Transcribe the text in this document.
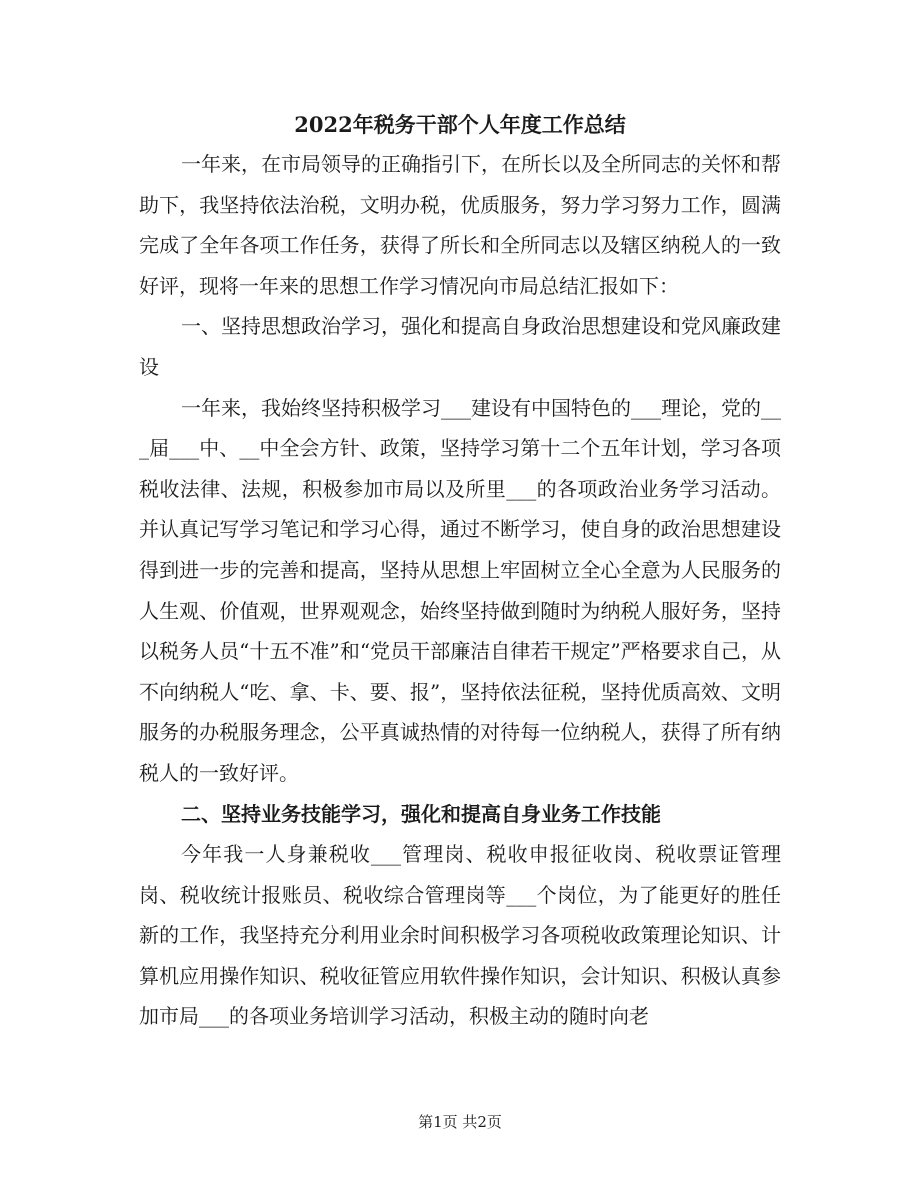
2022年税务干部个人年度工作总结

一年来，在市局领导的正确指引下，在所长以及全所同志的关怀和帮助下，我坚持依法治税，文明办税，优质服务，努力学习努力工作，圆满完成了全年各项工作任务，获得了所长和全所同志以及辖区纳税人的一致好评，现将一年来的思想工作学习情况向市局总结汇报如下：

一、坚持思想政治学习，强化和提高自身政治思想建设和党风廉政建设

一年来，我始终坚持积极学习___建设有中国特色的___理论，党的___届___中、__中全会方针、政策，坚持学习第十二个五年计划，学习各项税收法律、法规，积极参加市局以及所里___的各项政治业务学习活动。并认真记写学习笔记和学习心得，通过不断学习，使自身的政治思想建设得到进一步的完善和提高，坚持从思想上牢固树立全心全意为人民服务的人生观、价值观，世界观观念，始终坚持做到随时为纳税人服好务，坚持以税务人员“十五不准”和“党员干部廉洁自律若干规定”严格要求自己，从不向纳税人“吃、拿、卡、要、报”，坚持依法征税，坚持优质高效、文明服务的办税服务理念，公平真诚热情的对待每一位纳税人，获得了所有纳税人的一致好评。

二、坚持业务技能学习，强化和提高自身业务工作技能

今年我一人身兼税收___管理岗、税收申报征收岗、税收票证管理岗、税收统计报账员、税收综合管理岗等___个岗位，为了能更好的胜任新的工作，我坚持充分利用业余时间积极学习各项税收政策理论知识、计算机应用操作知识、税收征管应用软件操作知识，会计知识、积极认真参加市局___的各项业务培训学习活动，积极主动的随时向老

第1页 共2页
